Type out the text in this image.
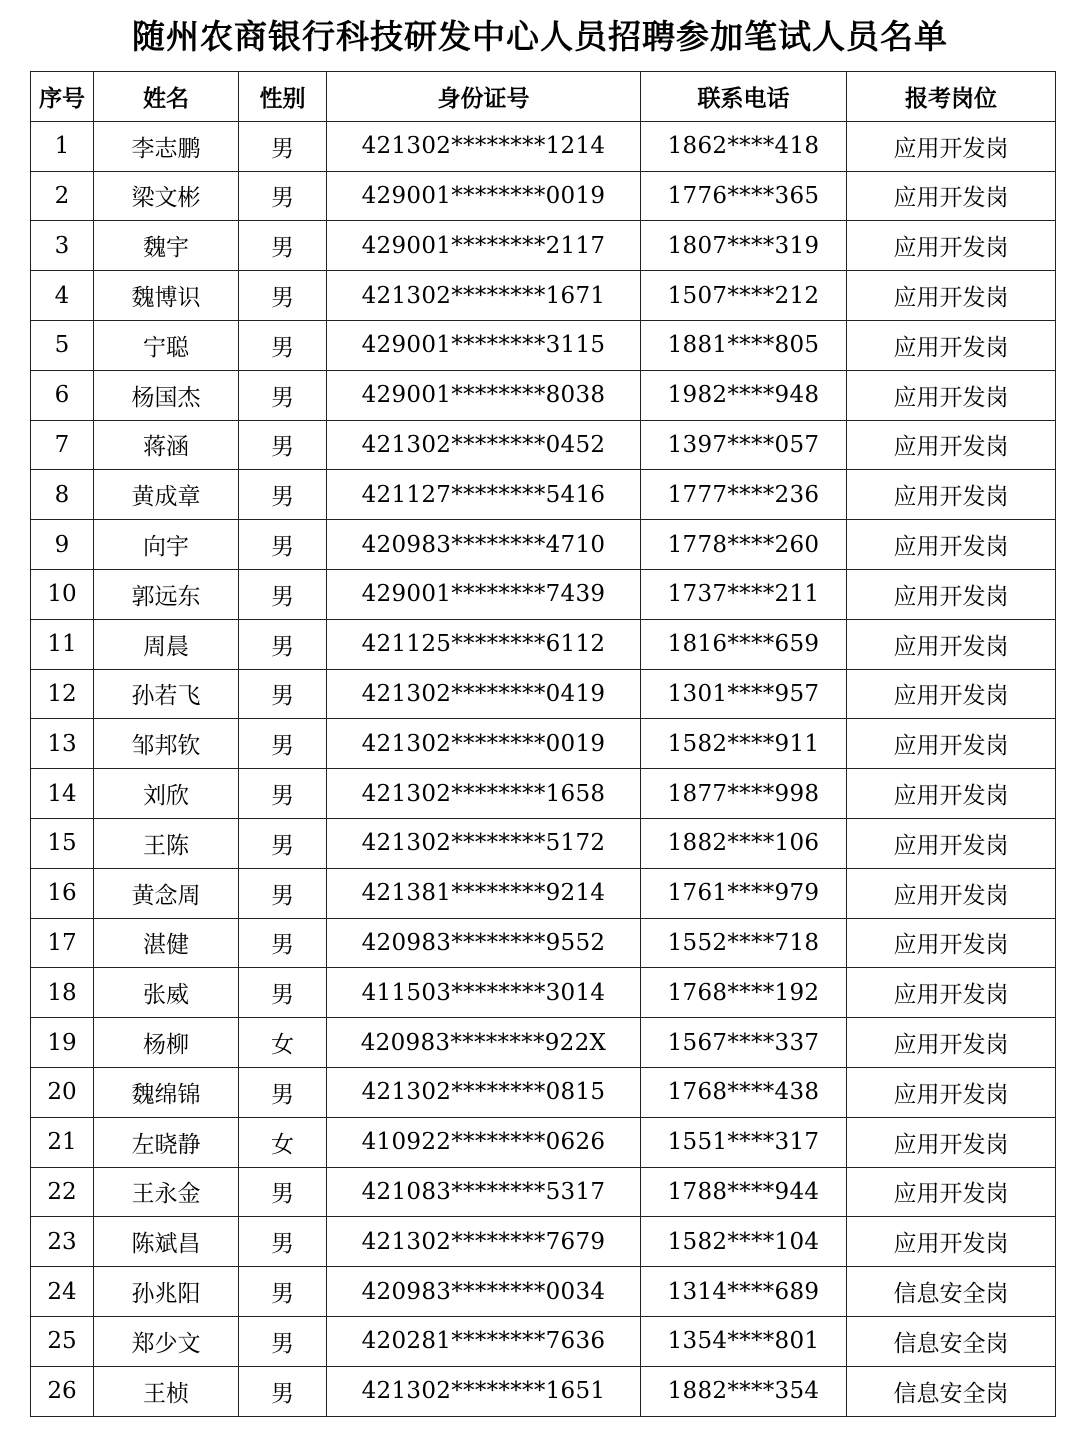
随州农商银行科技研发中心人员招聘参加笔试人员名单
序号	姓名	性别	身份证号	联系电话	报考岗位
1	李志鹏	男	421302********1214	1862****418	应用开发岗
2	梁文彬	男	429001********0019	1776****365	应用开发岗
3	魏宇	男	429001********2117	1807****319	应用开发岗
4	魏博识	男	421302********1671	1507****212	应用开发岗
5	宁聪	男	429001********3115	1881****805	应用开发岗
6	杨国杰	男	429001********8038	1982****948	应用开发岗
7	蒋涵	男	421302********0452	1397****057	应用开发岗
8	黄成章	男	421127********5416	1777****236	应用开发岗
9	向宇	男	420983********4710	1778****260	应用开发岗
10	郭远东	男	429001********7439	1737****211	应用开发岗
11	周晨	男	421125********6112	1816****659	应用开发岗
12	孙若飞	男	421302********0419	1301****957	应用开发岗
13	邹邦钦	男	421302********0019	1582****911	应用开发岗
14	刘欣	男	421302********1658	1877****998	应用开发岗
15	王陈	男	421302********5172	1882****106	应用开发岗
16	黄念周	男	421381********9214	1761****979	应用开发岗
17	湛健	男	420983********9552	1552****718	应用开发岗
18	张威	男	411503********3014	1768****192	应用开发岗
19	杨柳	女	420983********922X	1567****337	应用开发岗
20	魏绵锦	男	421302********0815	1768****438	应用开发岗
21	左晓静	女	410922********0626	1551****317	应用开发岗
22	王永金	男	421083********5317	1788****944	应用开发岗
23	陈斌昌	男	421302********7679	1582****104	应用开发岗
24	孙兆阳	男	420983********0034	1314****689	信息安全岗
25	郑少文	男	420281********7636	1354****801	信息安全岗
26	王桢	男	421302********1651	1882****354	信息安全岗
